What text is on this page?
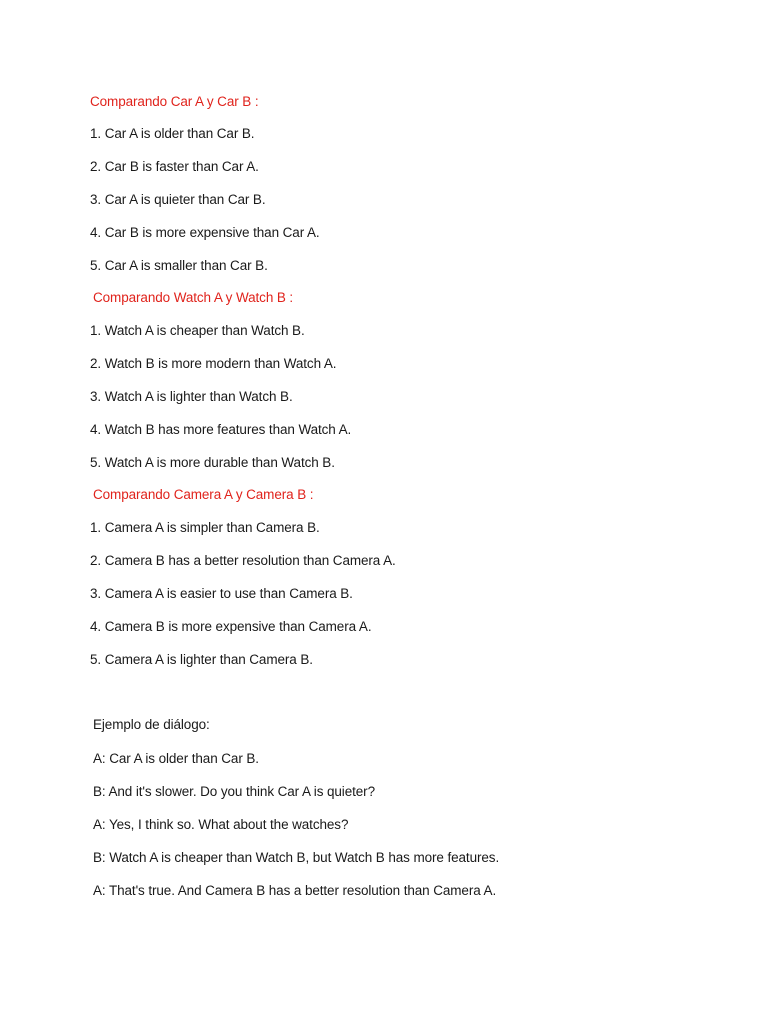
Comparando Car A y Car B :
1. Car A is older than Car B.
2. Car B is faster than Car A.
3. Car A is quieter than Car B.
4. Car B is more expensive than Car A.
5. Car A is smaller than Car B.
Comparando Watch A y Watch B :
1. Watch A is cheaper than Watch B.
2. Watch B is more modern than Watch A.
3. Watch A is lighter than Watch B.
4. Watch B has more features than Watch A.
5. Watch A is more durable than Watch B.
Comparando Camera A y Camera B :
1. Camera A is simpler than Camera B.
2. Camera B has a better resolution than Camera A.
3. Camera A is easier to use than Camera B.
4. Camera B is more expensive than Camera A.
5. Camera A is lighter than Camera B.
Ejemplo de diálogo:
A: Car A is older than Car B.
B: And it's slower. Do you think Car A is quieter?
A: Yes, I think so. What about the watches?
B: Watch A is cheaper than Watch B, but Watch B has more features.
A: That's true. And Camera B has a better resolution than Camera A.
